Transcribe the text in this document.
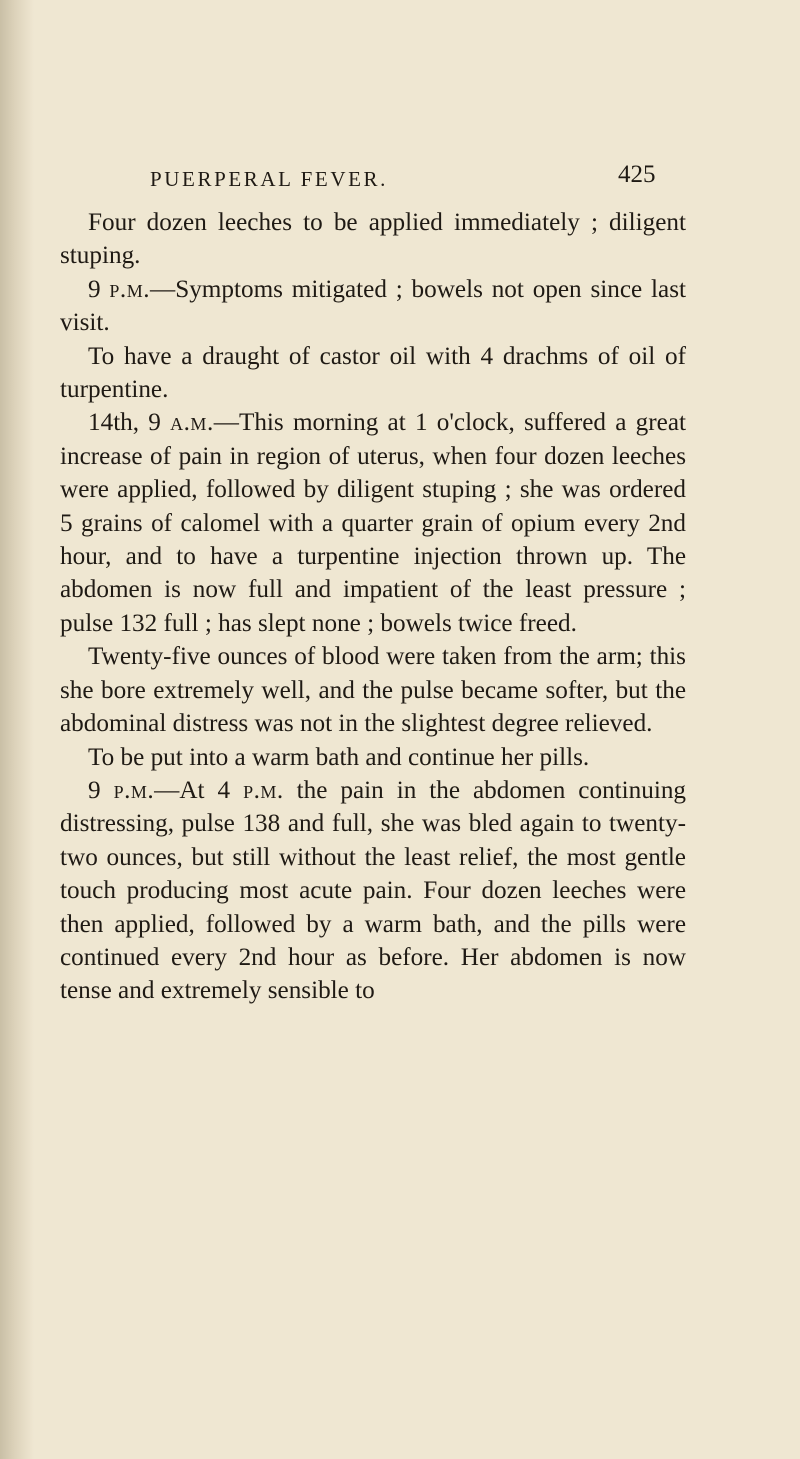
PUERPERAL FEVER.	425

Four dozen leeches to be applied immediately ; diligent stuping.

9 p.m.—Symptoms mitigated ; bowels not open since last visit.

To have a draught of castor oil with 4 drachms of oil of turpentine.

14th, 9 a.m.—This morning at 1 o'clock, suffered a great increase of pain in region of uterus, when four dozen leeches were applied, followed by diligent stuping ; she was ordered 5 grains of calomel with a quarter grain of opium every 2nd hour, and to have a turpentine injection thrown up. The abdomen is now full and impatient of the least pressure ; pulse 132 full ; has slept none ; bowels twice freed.

Twenty-five ounces of blood were taken from the arm; this she bore extremely well, and the pulse became softer, but the abdominal distress was not in the slightest degree relieved.

To be put into a warm bath and continue her pills.

9 p.m.—At 4 p.m. the pain in the abdomen continuing distressing, pulse 138 and full, she was bled again to twenty-two ounces, but still without the least relief, the most gentle touch producing most acute pain. Four dozen leeches were then applied, followed by a warm bath, and the pills were continued every 2nd hour as before. Her abdomen is now tense and extremely sensible to
